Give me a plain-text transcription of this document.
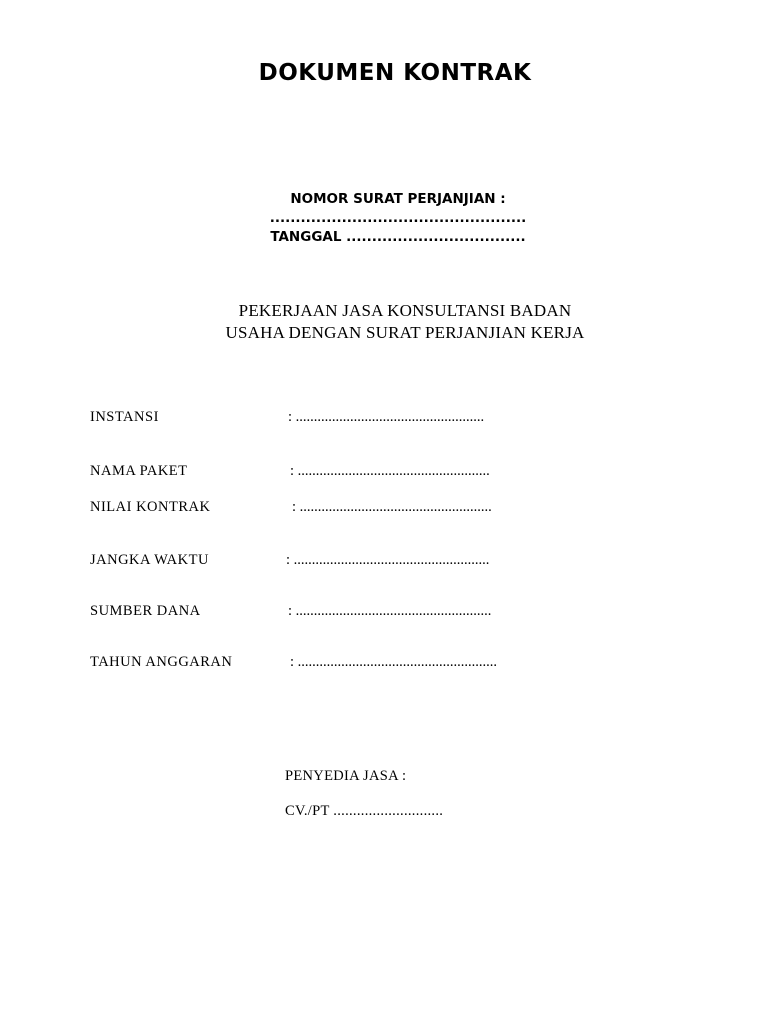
DOKUMEN KONTRAK
NOMOR SURAT PERJANJIAN :
..................................................
TANGGAL ...................................
PEKERJAAN JASA KONSULTANSI BADAN
USAHA DENGAN SURAT PERJANJIAN KERJA
INSTANSI	: ....................................................
NAMA PAKET	: .....................................................
NILAI KONTRAK	: .....................................................
JANGKA WAKTU	: ......................................................
SUMBER DANA	: ......................................................
TAHUN ANGGARAN	: .......................................................
PENYEDIA JASA :
CV./PT ............................
